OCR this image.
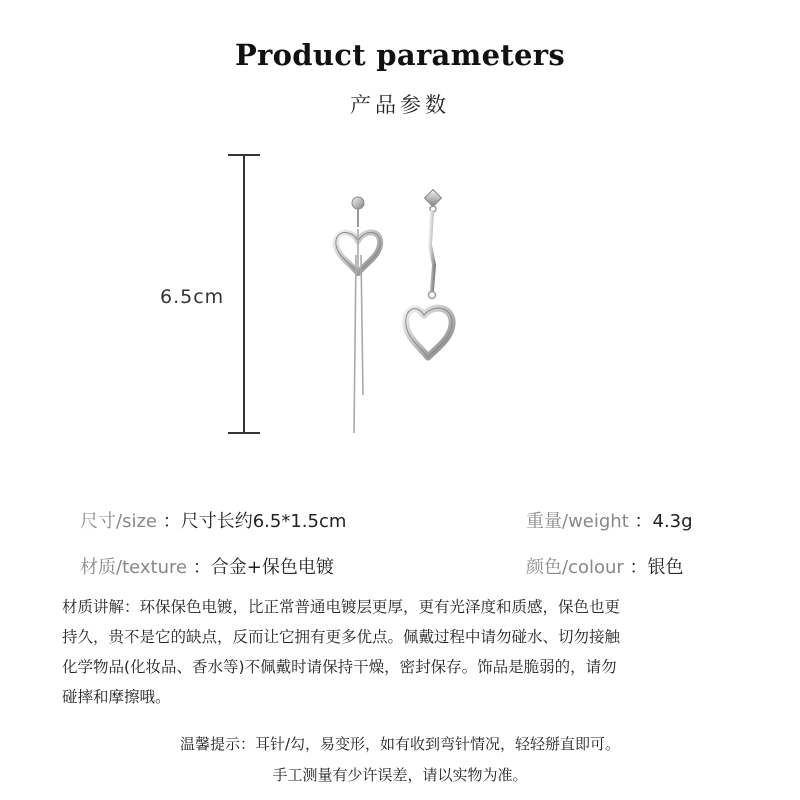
Product parameters
产品参数
6.5cm
尺寸/size ：尺寸长约6.5*1.5cm	重量/weight ：4.3g
材质/texture ：合金+保色电镀	颜色/colour ：银色
材质讲解：环保保色电镀，比正常普通电镀层更厚，更有光泽度和质感，保色也更
持久，贵不是它的缺点，反而让它拥有更多优点。佩戴过程中请勿碰水、切勿接触
化学物品(化妆品、香水等)不佩戴时请保持干燥，密封保存。饰品是脆弱的，请勿
碰摔和摩擦哦。
温馨提示：耳针/勾，易变形，如有收到弯针情况，轻轻掰直即可。
手工测量有少许误差，请以实物为准。
